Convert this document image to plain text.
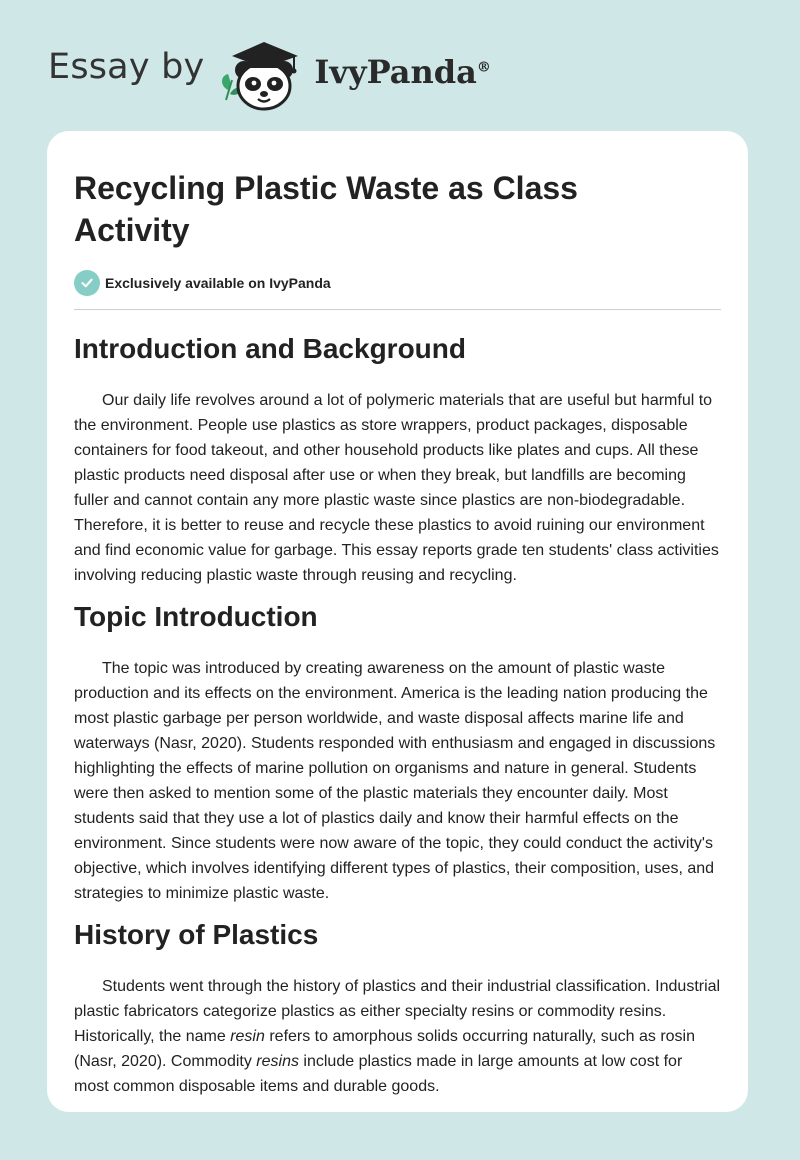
Essay by	IvyPanda®
Recycling Plastic Waste as Class Activity
Exclusively available on IvyPanda
Introduction and Background

Our daily life revolves around a lot of polymeric materials that are useful but harmful to the environment. People use plastics as store wrappers, product packages, disposable containers for food takeout, and other household products like plates and cups. All these plastic products need disposal after use or when they break, but landfills are becoming fuller and cannot contain any more plastic waste since plastics are non-biodegradable. Therefore, it is better to reuse and recycle these plastics to avoid ruining our environment and find economic value for garbage. This essay reports grade ten students' class activities involving reducing plastic waste through reusing and recycling.

Topic Introduction

The topic was introduced by creating awareness on the amount of plastic waste production and its effects on the environment. America is the leading nation producing the most plastic garbage per person worldwide, and waste disposal affects marine life and waterways (Nasr, 2020). Students responded with enthusiasm and engaged in discussions highlighting the effects of marine pollution on organisms and nature in general. Students were then asked to mention some of the plastic materials they encounter daily. Most students said that they use a lot of plastics daily and know their harmful effects on the environment. Since students were now aware of the topic, they could conduct the activity's objective, which involves identifying different types of plastics, their composition, uses, and strategies to minimize plastic waste.

History of Plastics

Students went through the history of plastics and their industrial classification. Industrial plastic fabricators categorize plastics as either specialty resins or commodity resins. Historically, the name resin refers to amorphous solids occurring naturally, such as rosin (Nasr, 2020). Commodity resins include plastics made in large amounts at low cost for most common disposable items and durable goods.
